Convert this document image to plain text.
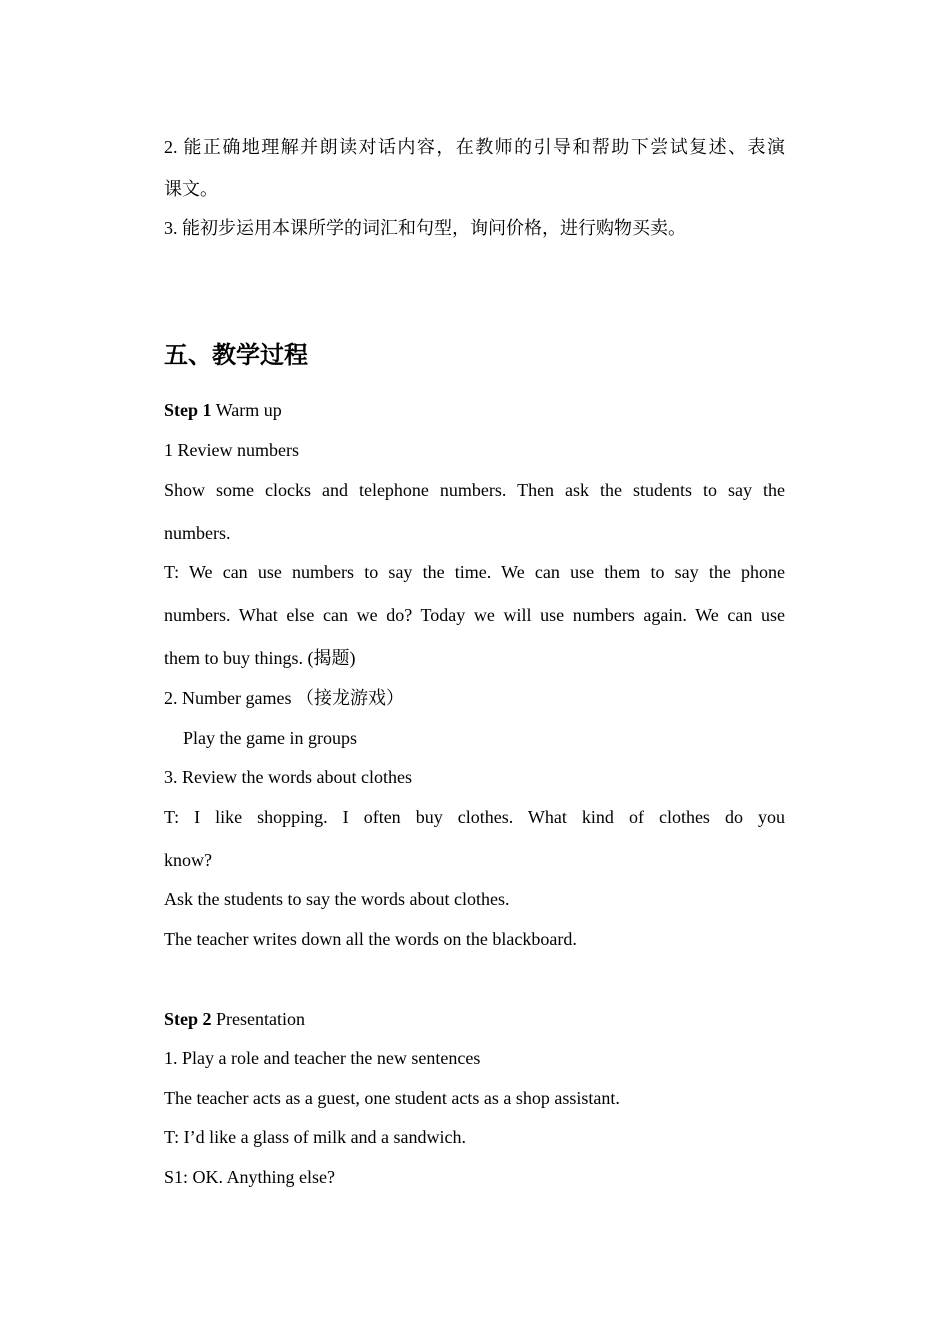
2. 能正确地理解并朗读对话内容，在教师的引导和帮助下尝试复述、表演
课文。
3. 能初步运用本课所学的词汇和句型，询问价格，进行购物买卖。
五、教学过程
Step 1 Warm up
1 Review numbers
Show some clocks and telephone numbers. Then ask the students to say the
numbers.
T: We can use numbers to say the time. We can use them to say the phone
numbers. What else can we do? Today we will use numbers again. We can use
them to buy things. (揭题)
2. Number games （接龙游戏）
Play the game in groups
3. Review the words about clothes
T: I like shopping. I often buy clothes. What kind of clothes do you
know?
Ask the students to say the words about clothes.
The teacher writes down all the words on the blackboard.
Step 2 Presentation
1. Play a role and teacher the new sentences
The teacher acts as a guest, one student acts as a shop assistant.
T: I’d like a glass of milk and a sandwich.
S1: OK. Anything else?
